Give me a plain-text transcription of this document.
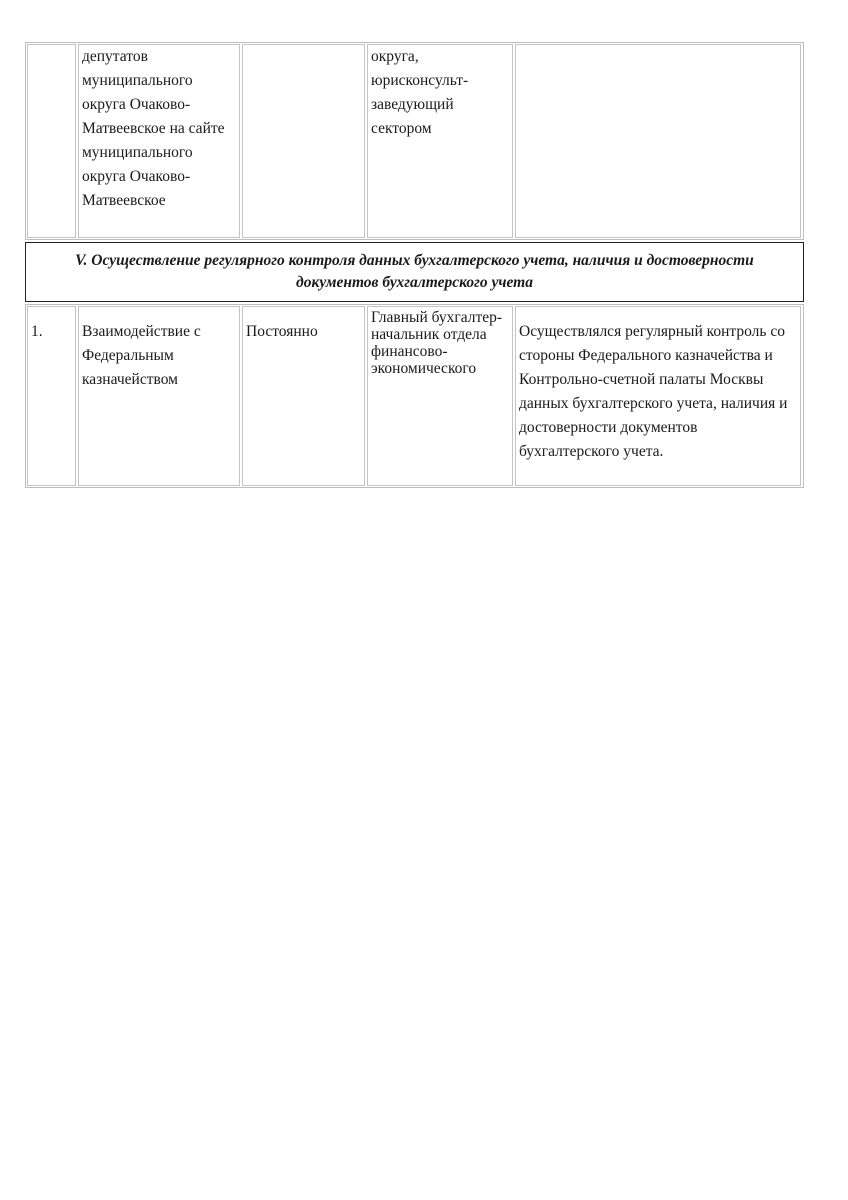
депутатов муниципального округа Очаково-Матвеевское на сайте муниципального округа Очаково-Матвеевское
округа, юрисконсульт-заведующий сектором
V. Осуществление регулярного контроля данных бухгалтерского учета, наличия и достоверности документов бухгалтерского учета
1.	Взаимодействие с Федеральным казначейством
Постоянно
Главный бухгалтер-начальник отдела финансово-экономического
Осуществлялся регулярный контроль со стороны Федерального казначейства и Контрольно-счетной палаты Москвы данных бухгалтерского учета, наличия и достоверности документов бухгалтерского учета.
